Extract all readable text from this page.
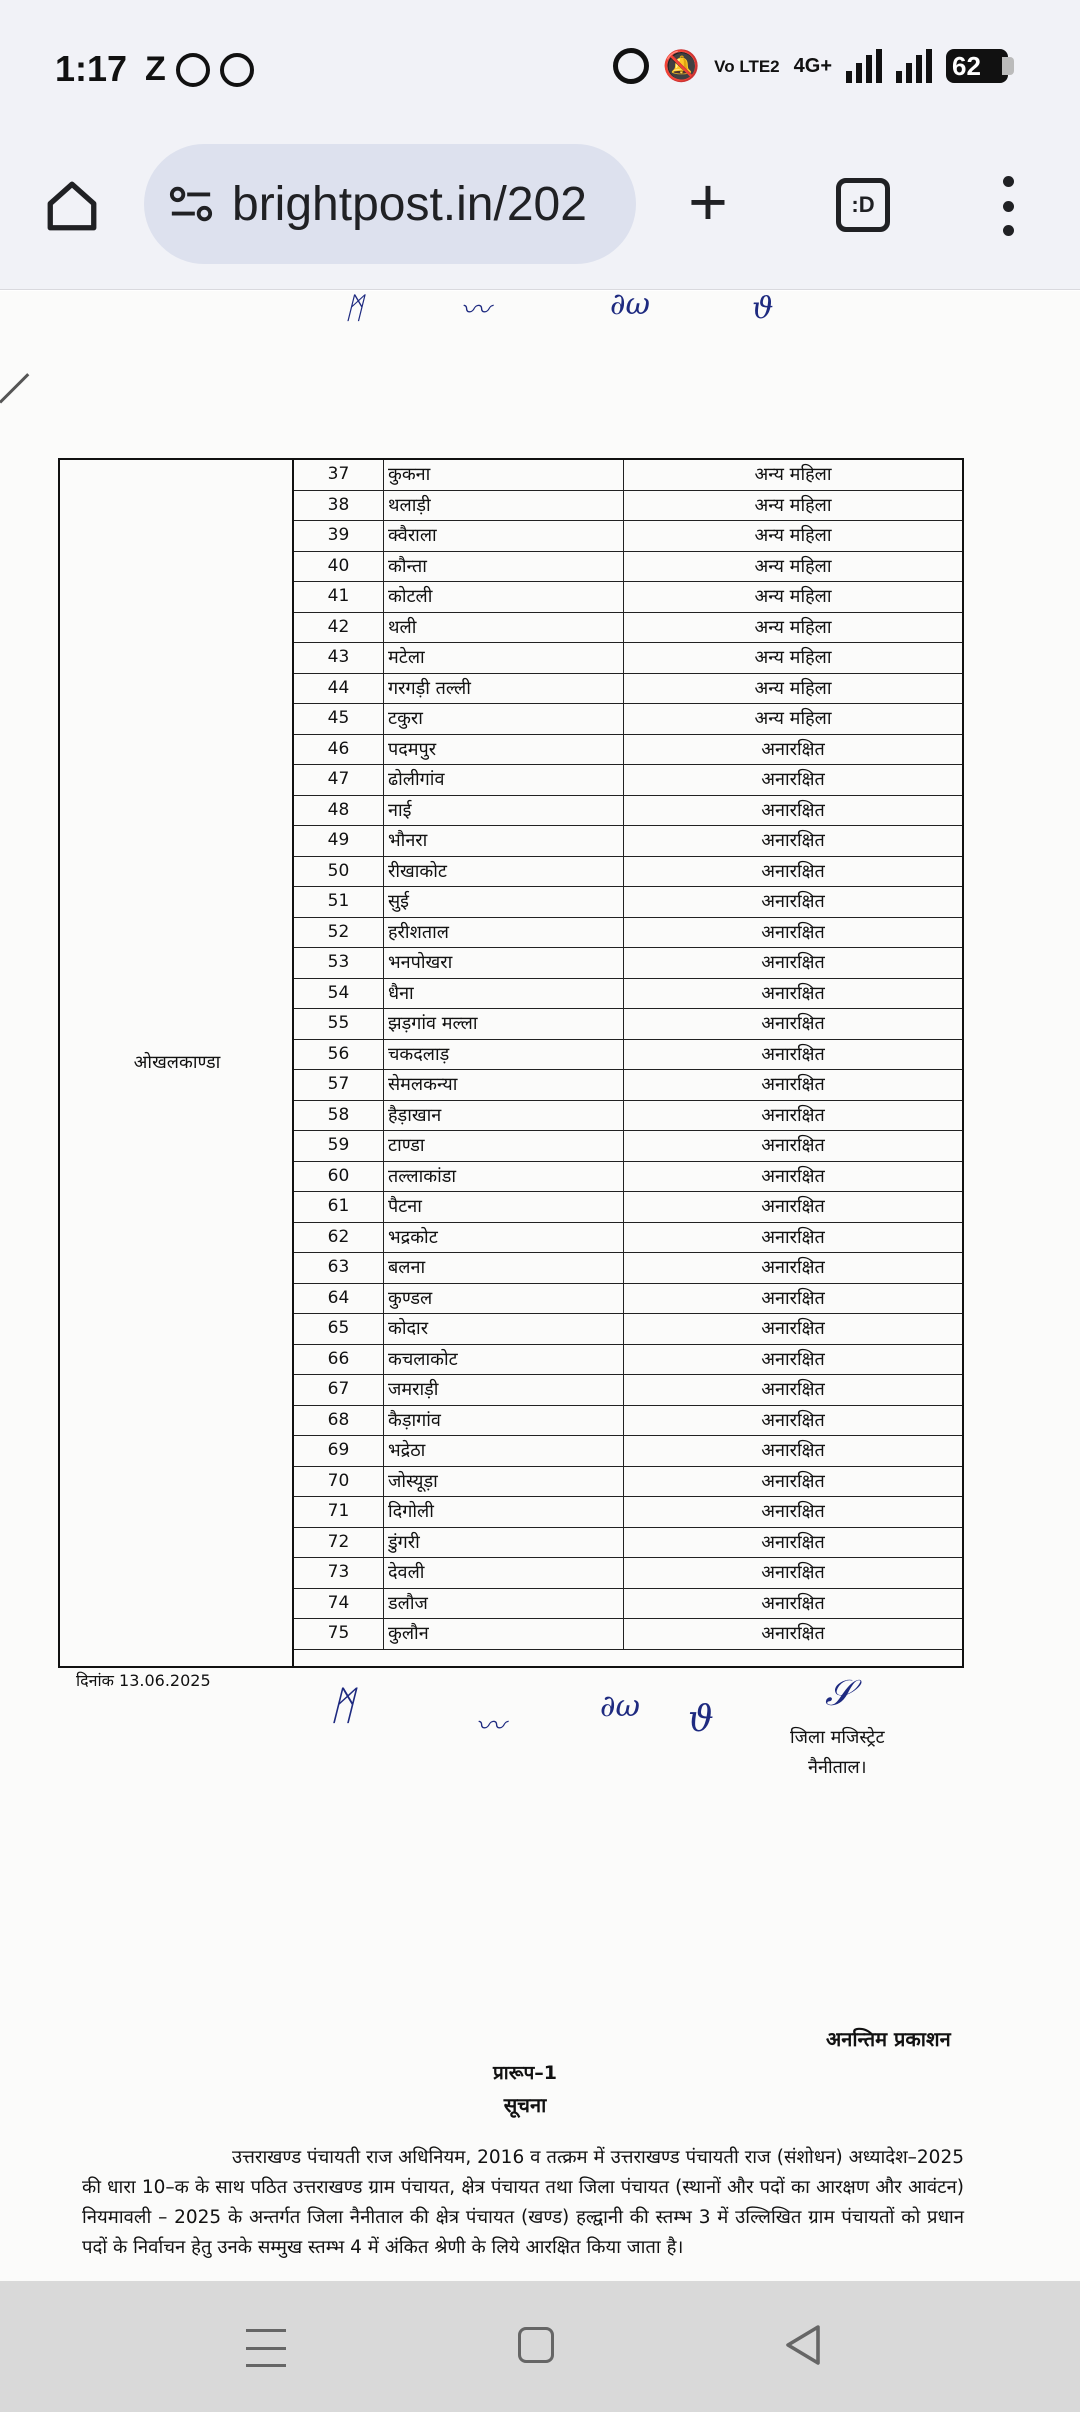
1:17 Z	🔕 Vo LTE2 4G+	62
brightpost.in/202	+	:D
ᛗ	〰	∂ω	ϑ
ओखलकाण्डा
37	कुकना	अन्य महिला
38	थलाड़ी	अन्य महिला
39	क्वैराला	अन्य महिला
40	कौन्ता	अन्य महिला
41	कोटली	अन्य महिला
42	थली	अन्य महिला
43	मटेला	अन्य महिला
44	गरगड़ी तल्ली	अन्य महिला
45	टकुरा	अन्य महिला
46	पदमपुर	अनारक्षित
47	ढोलीगांव	अनारक्षित
48	नाई	अनारक्षित
49	भौनरा	अनारक्षित
50	रीखाकोट	अनारक्षित
51	सुई	अनारक्षित
52	हरीशताल	अनारक्षित
53	भनपोखरा	अनारक्षित
54	धैना	अनारक्षित
55	झड़गांव मल्ला	अनारक्षित
56	चकदलाड़	अनारक्षित
57	सेमलकन्या	अनारक्षित
58	हैड़ाखान	अनारक्षित
59	टाण्डा	अनारक्षित
60	तल्लाकांडा	अनारक्षित
61	पैटना	अनारक्षित
62	भद्रकोट	अनारक्षित
63	बलना	अनारक्षित
64	कुण्डल	अनारक्षित
65	कोदार	अनारक्षित
66	कचलाकोट	अनारक्षित
67	जमराड़ी	अनारक्षित
68	कैड़ागांव	अनारक्षित
69	भद्रेठा	अनारक्षित
70	जोस्यूड़ा	अनारक्षित
71	दिगोली	अनारक्षित
72	डुंगरी	अनारक्षित
73	देवली	अनारक्षित
74	डलौज	अनारक्षित
75	कुलौन	अनारक्षित
दिनांक 13.06.2025
ᛗ	〰
∂ω ϑ
𝒮
जिला मजिस्ट्रेट
नैनीताल।
अनन्तिम प्रकाशन
प्रारूप–1
सूचना
उत्तराखण्ड पंचायती राज अधिनियम, 2016 व तत्क्रम में उत्तराखण्ड पंचायती राज (संशोधन) अध्यादेश–2025 की धारा 10–क के साथ पठित उत्तराखण्ड ग्राम पंचायत, क्षेत्र पंचायत तथा जिला पंचायत (स्थानों और पदों का आरक्षण और आवंटन) नियमावली – 2025 के अन्तर्गत जिला नैनीताल की क्षेत्र पंचायत (खण्ड) हल्द्वानी की स्तम्भ 3 में उल्लिखित ग्राम पंचायतों को प्रधान पदों के निर्वाचन हेतु उनके सम्मुख स्तम्भ 4 में अंकित श्रेणी के लिये आरक्षित किया जाता है।
